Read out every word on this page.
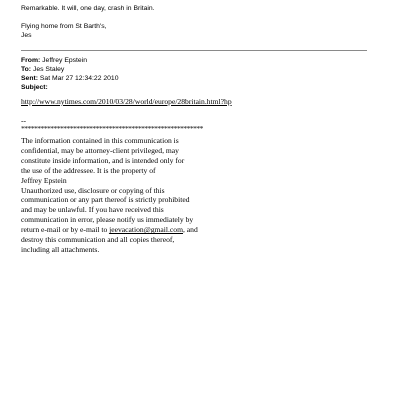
Remarkable. It will, one day, crash in Britain.
Flying home from St Barth's,
Jes
From: Jeffrey Epstein
To: Jes Staley
Sent: Sat Mar 27 12:34:22 2010
Subject:
http://www.nytimes.com/2010/03/28/world/europe/28britain.html?hp
--
********************************************************
The information contained in this communication is
confidential, may be attorney-client privileged, may
constitute inside information, and is intended only for
the use of the addressee. It is the property of
Jeffrey Epstein
Unauthorized use, disclosure or copying of this
communication or any part thereof is strictly prohibited
and may be unlawful. If you have received this
communication in error, please notify us immediately by
return e-mail or by e-mail to jeevacation@gmail.com, and
destroy this communication and all copies thereof,
including all attachments.
